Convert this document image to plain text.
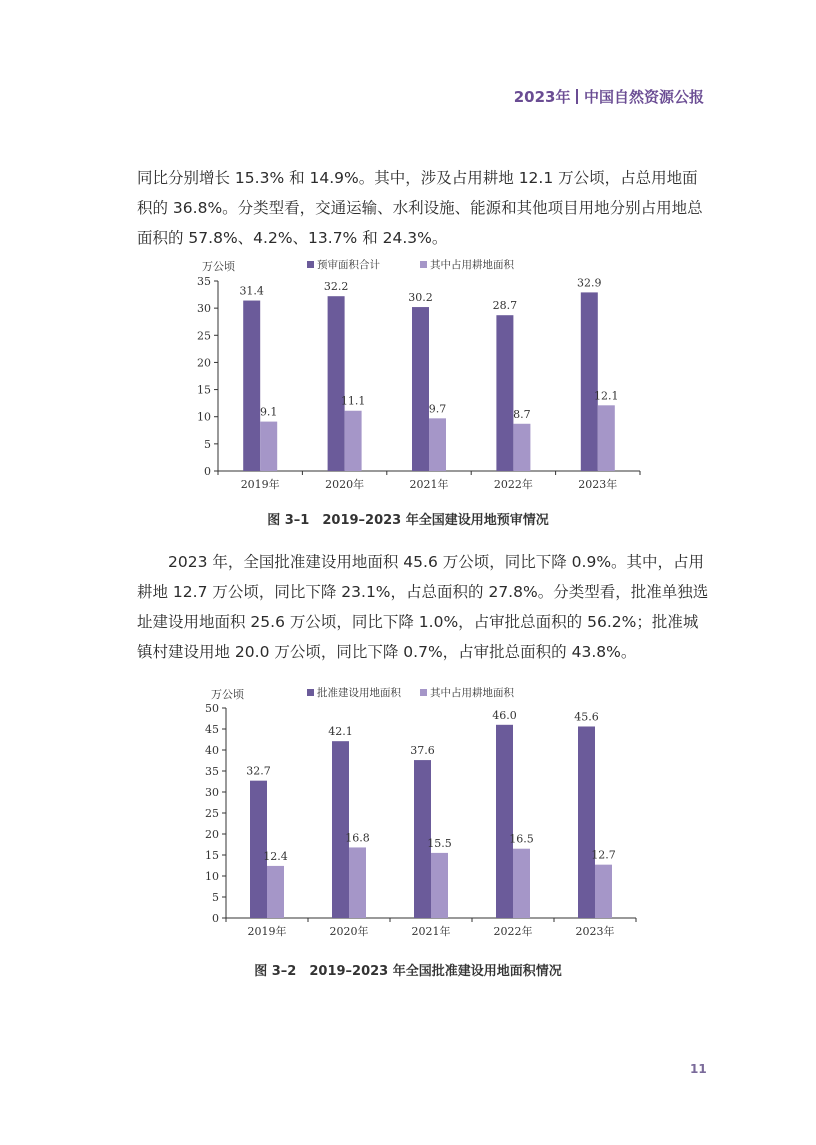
2023年 中国自然资源公报

同比分别增长 15.3% 和 14.9%。其中，涉及占用耕地 12.1 万公顷，占总用地面积的 36.8%。分类型看，交通运输、水利设施、能源和其他项目用地分别占用地总面积的 57.8%、4.2%、13.7% 和 24.3%。

万公顷	预审面积合计	其中占用耕地面积
0
5
10
15
20
25
30
35
2019年
31.4
9.1
2020年
32.2
11.1
2021年
30.2
9.7
2022年
28.7
8.7
2023年
32.9
12.1
图 3–1　2019–2023 年全国建设用地预审情况

2023 年，全国批准建设用地面积 45.6 万公顷，同比下降 0.9%。其中，占用耕地 12.7 万公顷，同比下降 23.1%，占总面积的 27.8%。分类型看，批准单独选址建设用地面积 25.6 万公顷，同比下降 1.0%，占审批总面积的 56.2%；批准城镇村建设用地 20.0 万公顷，同比下降 0.7%，占审批总面积的 43.8%。

万公顷	批准建设用地面积	其中占用耕地面积
0
5
10
15
20
25
30
35
40
45
50
2019年
32.7
12.4
2020年
42.1
16.8
2021年
37.6
15.5
2022年
46.0
16.5
2023年
45.6
12.7
图 3–2　2019–2023 年全国批准建设用地面积情况
11
